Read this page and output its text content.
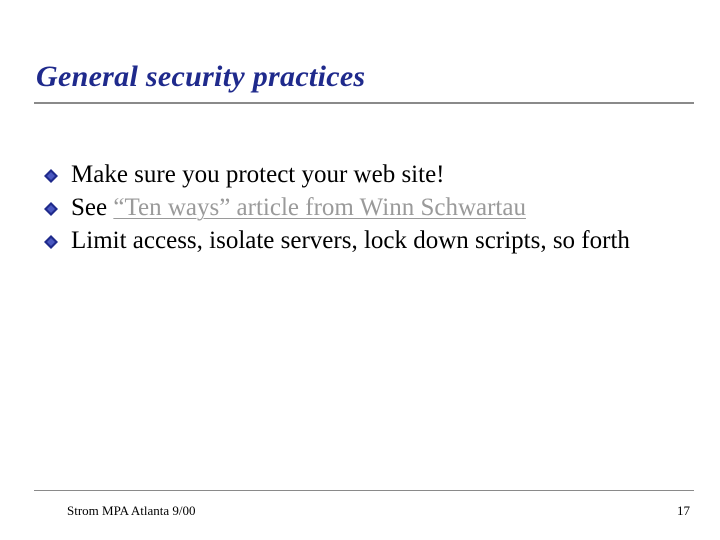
General security practices
Make sure you protect your web site!
See “Ten ways” article from Winn Schwartau
Limit access, isolate servers, lock down scripts, so forth
Strom MPA Atlanta 9/00	17
